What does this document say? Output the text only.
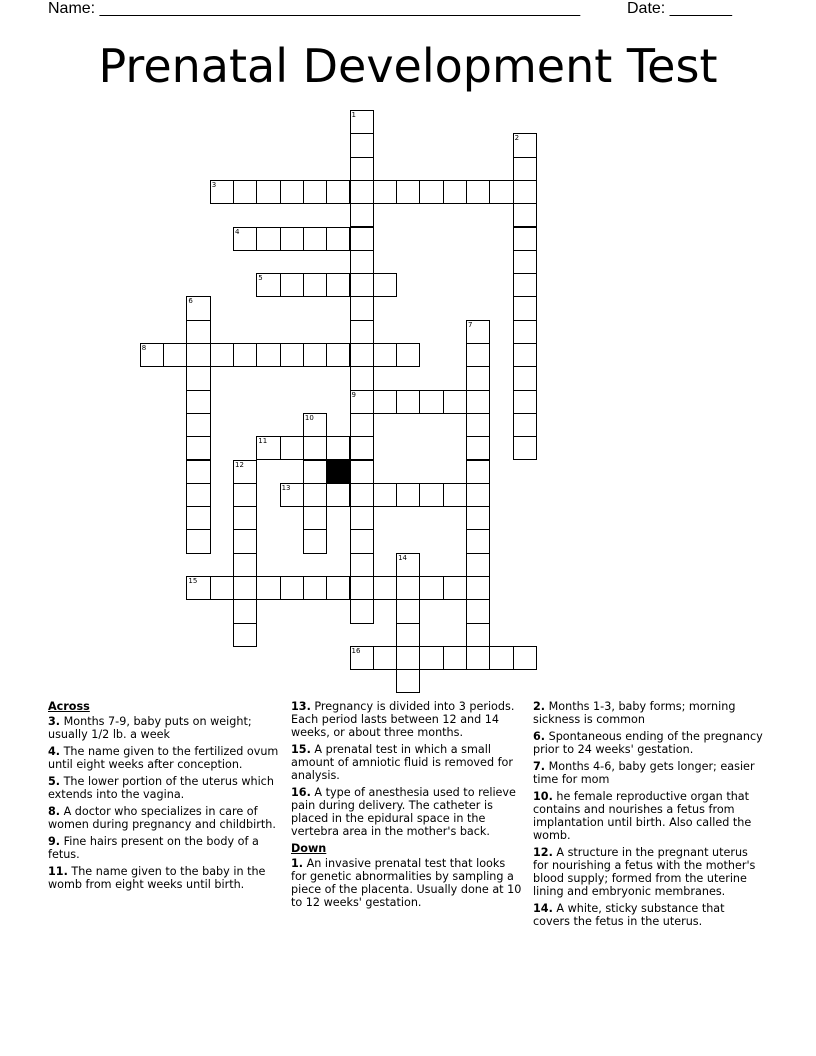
Name: ______________________________________________________	Date: _______
Prenatal Development Test
1
9
2
3
4
5
6
7
8
10
11
12
13
14
15
16
Across
3. Months 7-9, baby puts on weight; usually 1/2 lb. a week
4. The name given to the fertilized ovum until eight weeks after conception.
5. The lower portion of the uterus which extends into the vagina.
8. A doctor who specializes in care of women during pregnancy and childbirth.
9. Fine hairs present on the body of a fetus.
11. The name given to the baby in the womb from eight weeks until birth.
13. Pregnancy is divided into 3 periods. Each period lasts between 12 and 14 weeks, or about three months.
15. A prenatal test in which a small amount of amniotic fluid is removed for analysis.
16. A type of anesthesia used to relieve pain during delivery. The catheter is placed in the epidural space in the vertebra area in the mother's back.
Down
1. An invasive prenatal test that looks for genetic abnormalities by sampling a piece of the placenta. Usually done at 10 to 12 weeks' gestation.
2. Months 1-3, baby forms; morning sickness is common
6. Spontaneous ending of the pregnancy prior to 24 weeks' gestation.
7. Months 4-6, baby gets longer; easier time for mom
10. he female reproductive organ that contains and nourishes a fetus from implantation until birth. Also called the womb.
12. A structure in the pregnant uterus for nourishing a fetus with the mother's blood supply; formed from the uterine lining and embryonic membranes.
14. A white, sticky substance that covers the fetus in the uterus.
